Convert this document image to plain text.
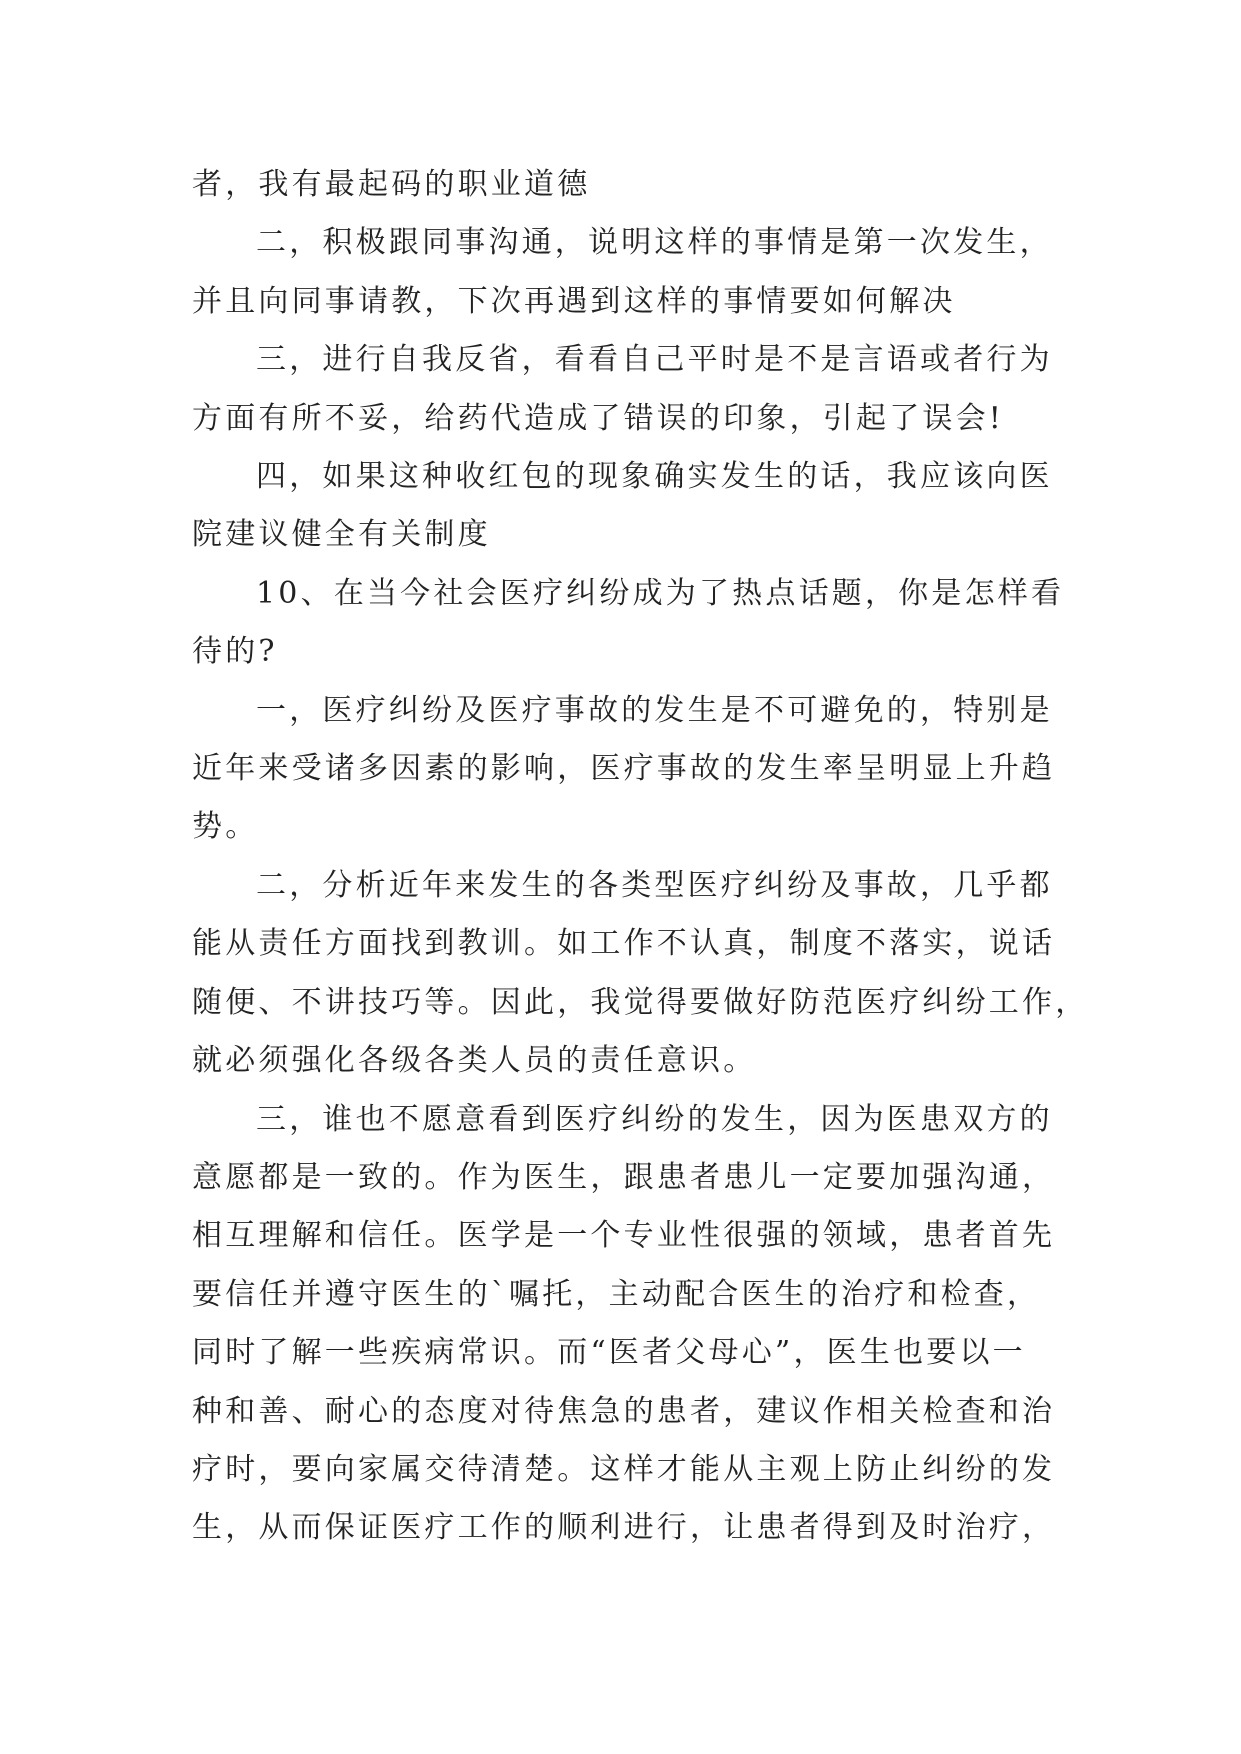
者，我有最起码的职业道德
二，积极跟同事沟通，说明这样的事情是第一次发生，
并且向同事请教，下次再遇到这样的事情要如何解决
三，进行自我反省，看看自己平时是不是言语或者行为
方面有所不妥，给药代造成了错误的印象，引起了误会!
四，如果这种收红包的现象确实发生的话，我应该向医
院建议健全有关制度
10、在当今社会医疗纠纷成为了热点话题，你是怎样看
待的?
一，医疗纠纷及医疗事故的发生是不可避免的，特别是
近年来受诸多因素的影响，医疗事故的发生率呈明显上升趋
势。
二，分析近年来发生的各类型医疗纠纷及事故，几乎都
能从责任方面找到教训。如工作不认真，制度不落实，说话
随便、不讲技巧等。因此，我觉得要做好防范医疗纠纷工作，
就必须强化各级各类人员的责任意识。
三，谁也不愿意看到医疗纠纷的发生，因为医患双方的
意愿都是一致的。作为医生，跟患者患儿一定要加强沟通，
相互理解和信任。医学是一个专业性很强的领域，患者首先
要信任并遵守医生的`嘱托，主动配合医生的治疗和检查，
同时了解一些疾病常识。而“医者父母心”，医生也要以一
种和善、耐心的态度对待焦急的患者，建议作相关检查和治
疗时，要向家属交待清楚。这样才能从主观上防止纠纷的发
生，从而保证医疗工作的顺利进行，让患者得到及时治疗，
